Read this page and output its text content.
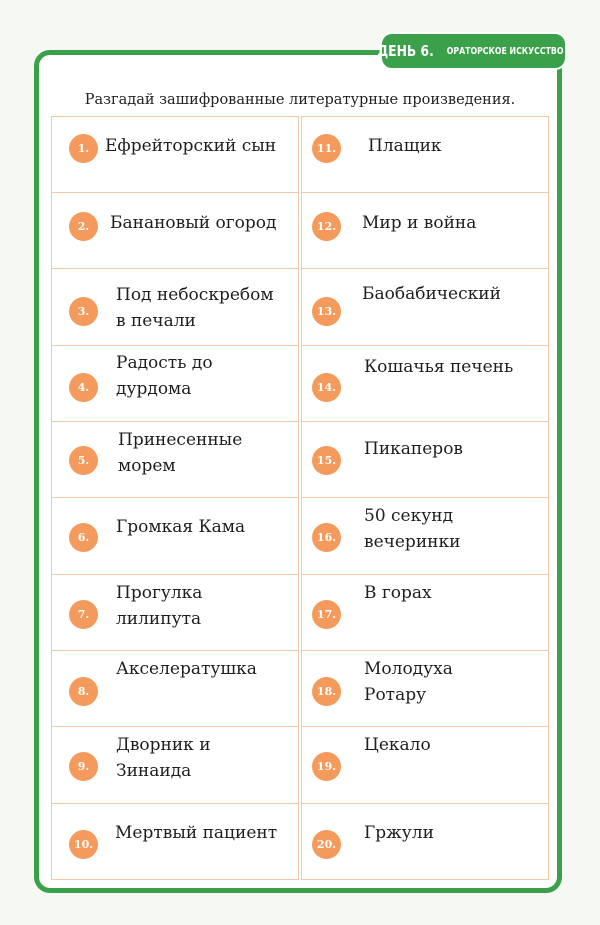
ДЕНЬ 6. ОРАТОРСКОЕ ИСКУССТВО
Разгадай зашифрованные литературные произведения.
1. Ефрейторский сын
2.	Банановый огород
3.
Под небоскребом
в печали
4.
Радость до
дурдома
5.
Принесенные
морем
6.
Громкая Кама
7.
Прогулка
лилипута
8.
Акселератушка
9.
Дворник и
Зинаида
10.
Мертвый пациент
11. Плащик
12. Мир и война
13.
Баобабический
14.
Кошачья печень
15.
Пикаперов
16.
50 секунд
вечеринки
17.
В горах
18.
Молодуха
Ротару
19.
Цекало
20.
Гржули
